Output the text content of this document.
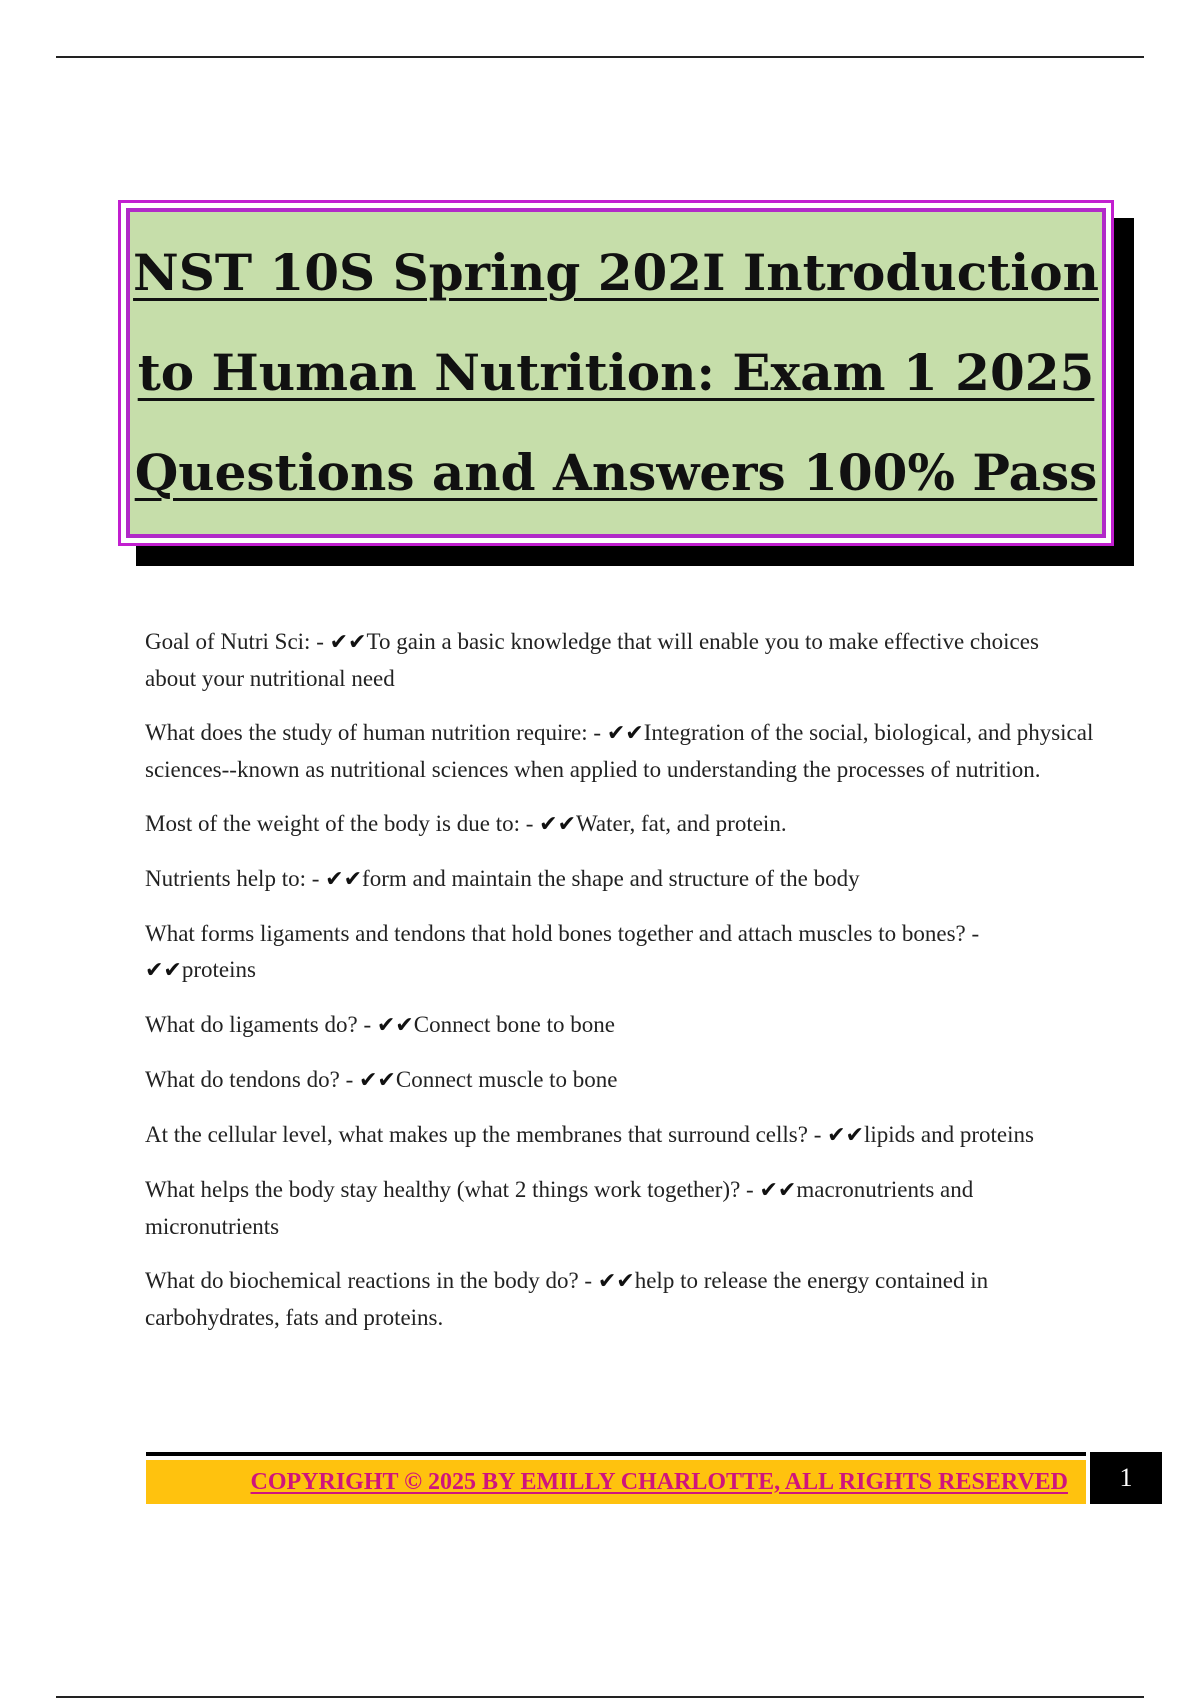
NST 10S Spring 202I Introduction
to Human Nutrition: Exam 1 2025
Questions and Answers 100% Pass
Goal of Nutri Sci: - ✔✔To gain a basic knowledge that will enable you to make effective choices about your nutritional need
What does the study of human nutrition require: - ✔✔Integration of the social, biological, and physical sciences--known as nutritional sciences when applied to understanding the processes of nutrition.
Most of the weight of the body is due to: - ✔✔Water, fat, and protein.
Nutrients help to: - ✔✔form and maintain the shape and structure of the body
What forms ligaments and tendons that hold bones together and attach muscles to bones? - ✔✔proteins
What do ligaments do? - ✔✔Connect bone to bone
What do tendons do? - ✔✔Connect muscle to bone
At the cellular level, what makes up the membranes that surround cells? - ✔✔lipids and proteins
What helps the body stay healthy (what 2 things work together)? - ✔✔macronutrients and micronutrients
What do biochemical reactions in the body do? - ✔✔help to release the energy contained in carbohydrates, fats and proteins.
COPYRIGHT © 2025 BY EMILLY CHARLOTTE, ALL RIGHTS RESERVED	1
